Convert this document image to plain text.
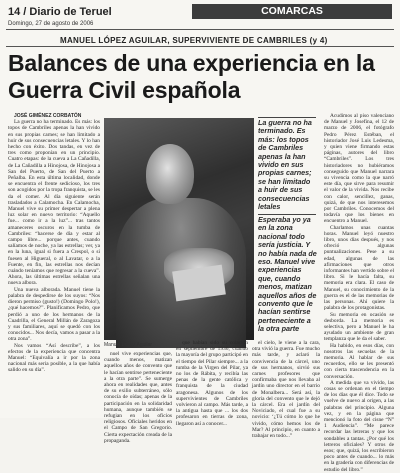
14 / Diario de Teruel	COMARCAS
Domingo, 27 de agosto de 2006
MANUEL LÓPEZ AGUILAR, SUPERVIVIENTE DE CAMBRILES (y 4)
Balances de una experiencia en la Guerra Civil española

JOSÉ GIMÉNEZ CORBATÓN

La guerra no ha terminado. Es más: los topos de Cambriles apenas la han vivido en sus propias carnes; se han limitado a huir de sus consecuencias letales. Y lo han hecho con éxito. Dos tandas, en vez de tres como proponían en un principio. Cuatro etapas: de la cueva a La Cañadilla, de La Cañadilla a Hinojosa, de Hinojosa a San del Puerto, de San del Puerto a Peñalba. En esta última localidad, donde se encuentra el frente sedicioso, los tres son acogidos por la tropa franquista, se les da el comer. Al día siguiente serán trasladados a Calamocha. En Calamocha, Manuel vive su primer despertar a plena luz solar en nuevo territorio: “Aquello fue... como ir a la luz”... tras tantos amaneceres oscuros en la tumba de Cambriles: “hacerse de día y estar al campo libre... porque antes, cuando salíamos de noche, ya las estrellas; ver, ya en la luna, igual si fuera a Crespol, o si fuesen al Higueral, o al Lavatar, o a la Fuente, en fin, las estrellas nos decían cuándo teníamos que regresar a la cueva”. Ahora, las últimas estrellas señalan una nueva albora.

Una nueva alborada. Manuel tiene la palabra de despedirse de los suyos: “Nos dieron permiso (gusto!) (Domingo Polo!), ¿qué hacemos?”. Planificamos Pedro, que perdió a uno de los hermanos de la Cuadrilla, el General Millán de Zaragoza y sus familiares, aquí se quedó con los conocidos... Nos decía, vamos a pasar a la otra zona”.

Nos vamos “Así describe”, a los efectos de la experiencia que concentra Manuel: “Equivalía a ir por la zona nacional más seria posible, a la que había salido en su día”.

Manuel López Aguilar
La guerra no ha terminado. Es más: los topos de Cambriles apenas la han vivido en sus propias carnes; se han limitado a huir de sus consecuencias letales
Esperaba yo ya en la zona nacional todo sería justicia. Y no había nada de eso. Manuel vive experiencias que, cuando menos, matizan aquellos años de convento que le hacían sentirse perteneciente a la otra parte

nuel vive experiencias que, cuando menos, matizan aquellos años de convento que le hacían sentirse perteneciente a la otra parte”. Se sumerge ahora en realidades que, antes de su exilio subterráneo, sólo conocía de oídas; apenas de la participación en la solidaridad humana, aunque también se refugian en los oficios religiosos. Oficiales heridos en el Campo de San Gregorio. Cierta expectación creada de la propaganda.

que habían sido su colación en septiembre de 1936, cuando la mayoría del grupo participó en el tiempo del Pilar siempre... a la tumba de la Virgen del Pilar, ya no los de Rábita, y recibía las penas de la gente católica y franquista de la ciudad aragonesa. Algunos de los supervivientes de Cambriles volvieron al campo. Más tarde, a la antigua hasta que ... los dos profesaron en tierras de zona, llegaron así a conocer...

el cielo, le viene a la cara, otra vivió la guerra. Fue mucho más tarde, y aclaró la convivencia de la cárcel, uno de sus hermanos, sirvió sus carnes profesores que confirmaba que nos llevaba al jardín uno director en el barrio de Monalbera... Será así, la gloria del convento que le dejó la cárcel. Era el jardín del Noviciado, el cual fue a su novicio: ‘¿Tú cómo lo que he vivido, cómo hemos los de Mar? Al principio, en cuanto a trabajar en todo...”

Acudimos al piso valenciano de Manuel y Josefina, el 12 de marzo de 2006, el fotógrafo Pedro Pérez Estéban, el historiador José Luis Ledesma, y quien viene firmando estas páginas, autores del libro “Cambriles”. Los tres historiadores no hubiéramos conseguido que Manuel narrara su vivencia como la que narró este día, que sirve para resumir el valor de la vivida. Nos recibe con calor, sencillez, ganas, quizá, de que nos interesemos por Cambriles. Conocemos del todavía que los bienes en encuentro a Manuel.

Charlamos unas cuantas horas. Manuel leyó nuestro libro, unos días después, y nos ofreció algunas puntualizaciones. Pese a su edad, algunas de las afirmaciones que otros informantes han vertido sobre el libro. Si le hacía falta, su memoria era clara. El caso de Manuel, su conocimiento de la guerra es el de las memorias de las personas. Ahí quiere la palabra de los protagonistas.

Su memoria en ocasión se desborda. La memoria es selectiva, pero a Manuel le ha ayudado un ambiente de gran templanza que le da el saber.

Ha habido, en esos días, con nosotros las secuelas de la memoria. Al hablar de sus recuerdos, ello se les presentó con cierta trascendencia en la conversación.

A medida que va vivido, las cosas se ordenan en el tiempo de los días que él dice. Todo se vuelve de nuevo al origen, a las palabras del principio. Alguna vez, y en la página que mencionó la foto del cisne “N° 1 Audiencia”. “Me parece recordar las letreras y que los sondables a tantas. ¿Por qué los letreros oficiales? Y otros de esos; que, quizá, los escribieron poco antes de cuando... lo más en la gradería con diferencias de estudio del libro.”
